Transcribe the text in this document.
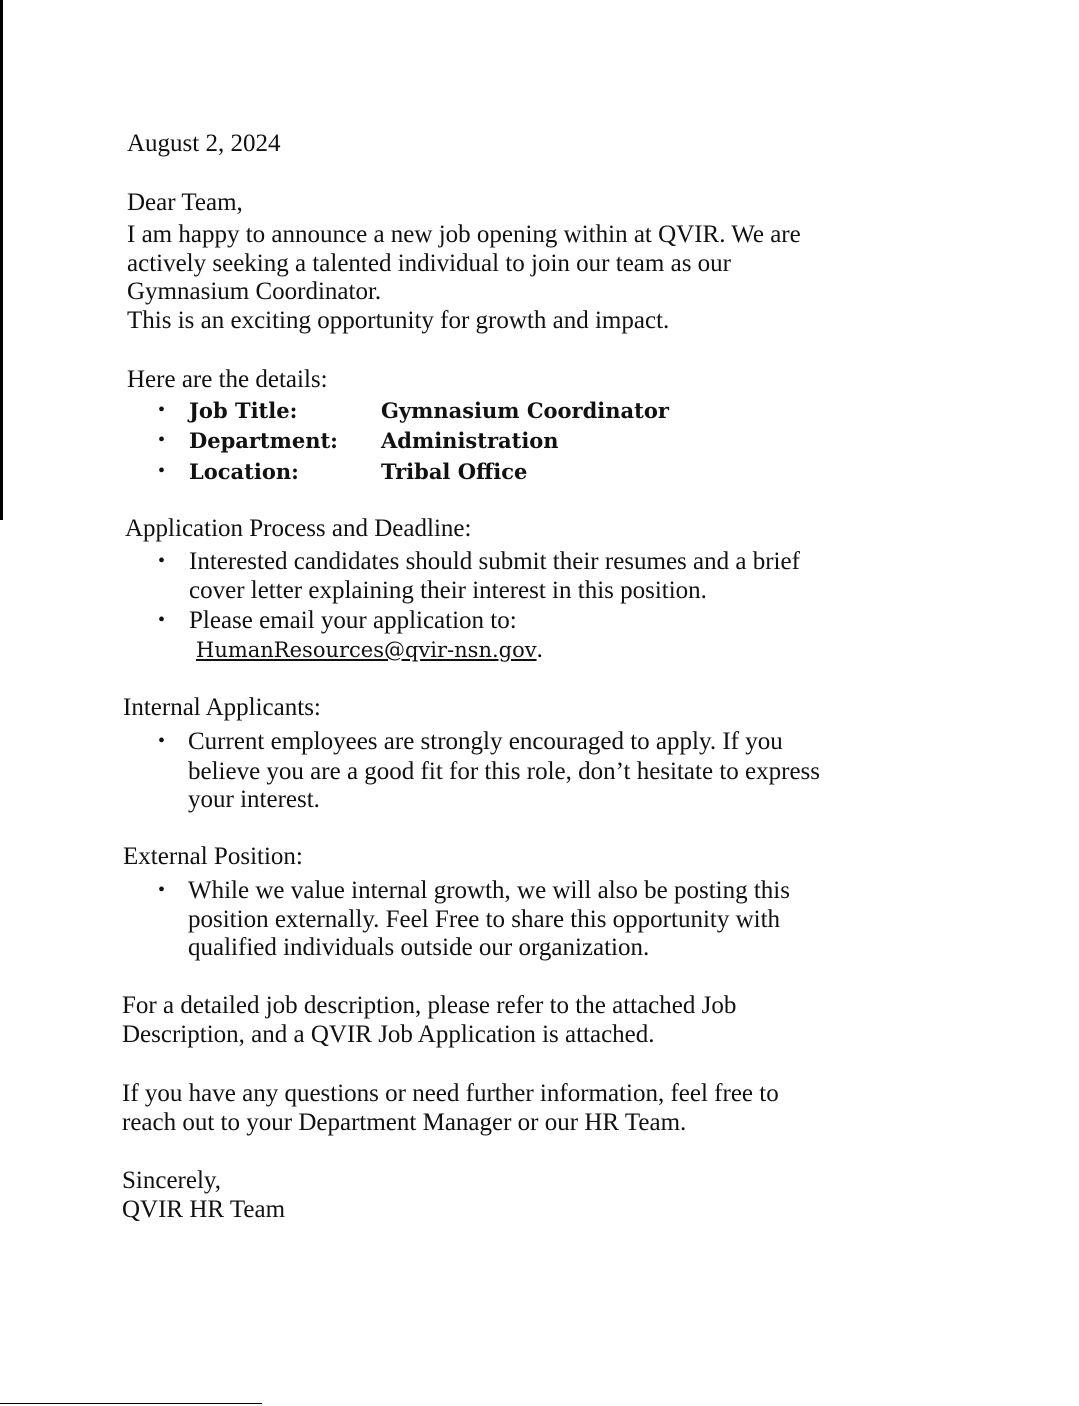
August 2, 2024
Dear Team,
I am happy to announce a new job opening within at QVIR. We are
actively seeking a talented individual to join our team as our
Gymnasium Coordinator.
This is an exciting opportunity for growth and impact.
Here are the details:
• Job Title:	Gymnasium Coordinator
• Department: Administration
• Location:	Tribal Office
Application Process and Deadline:
• Interested candidates should submit their resumes and a brief
cover letter explaining their interest in this position.
• Please email your application to:
HumanResources@qvir-nsn.gov.
Internal Applicants:
• Current employees are strongly encouraged to apply. If you
believe you are a good fit for this role, don’t hesitate to express
your interest.
External Position:
• While we value internal growth, we will also be posting this
position externally. Feel Free to share this opportunity with
qualified individuals outside our organization.
For a detailed job description, please refer to the attached Job
Description, and a QVIR Job Application is attached.
If you have any questions or need further information, feel free to
reach out to your Department Manager or our HR Team.
Sincerely,
QVIR HR Team
